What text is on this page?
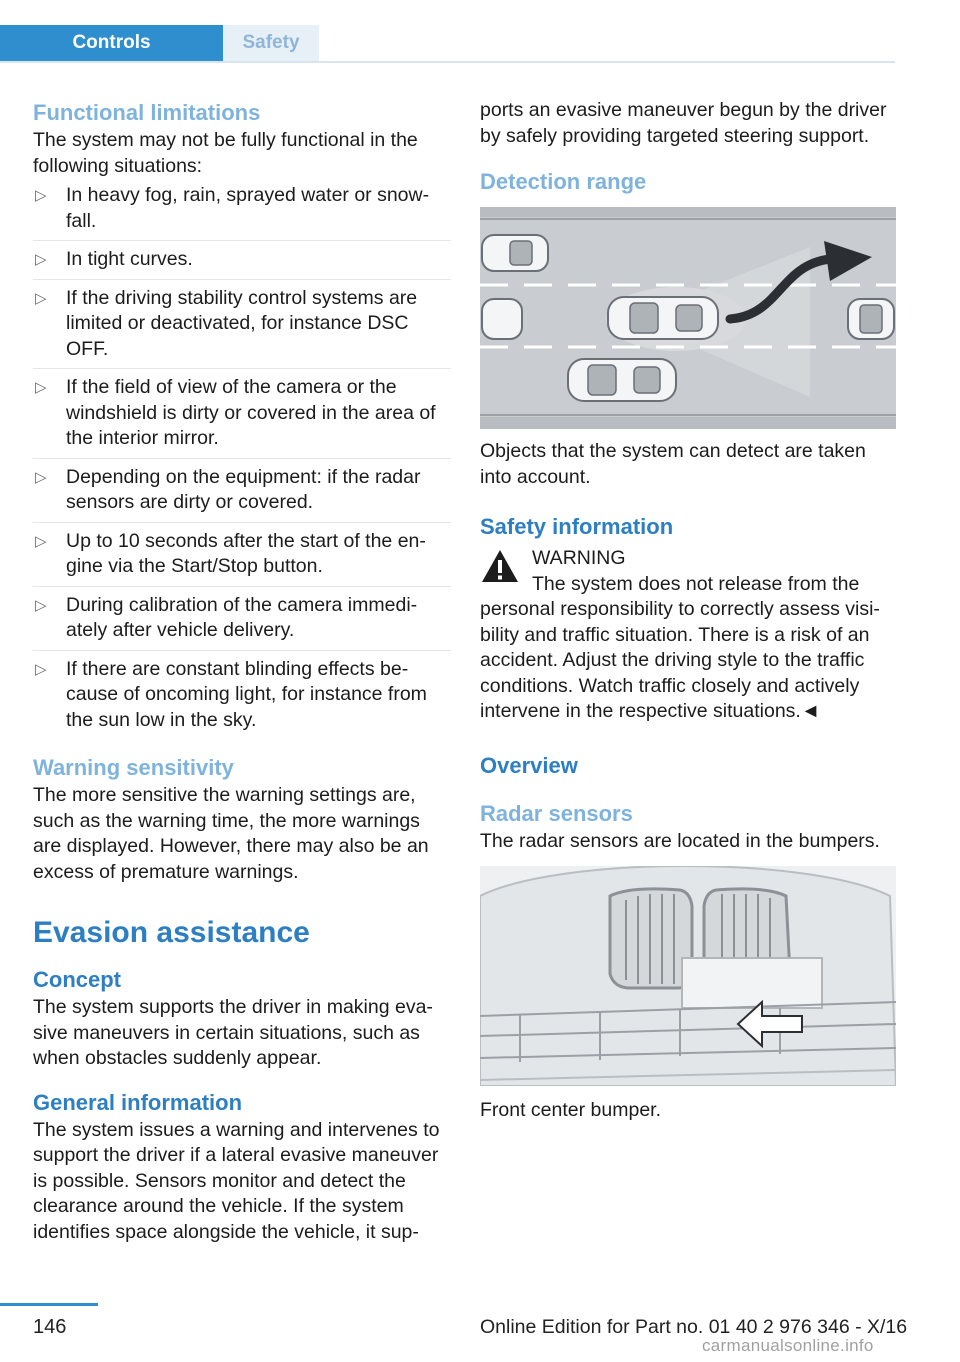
Controls	Safety
Functional limitations

The system may not be fully functional in the following situations:

▷ In heavy fog, rain, sprayed water or snow‐fall.
▷ In tight curves.
▷ If the driving stability control systems are limited or deactivated, for instance DSC OFF.
▷ If the field of view of the camera or the windshield is dirty or covered in the area of the interior mirror.
▷ Depending on the equipment: if the radar sensors are dirty or covered.
▷ Up to 10 seconds after the start of the en‐gine via the Start/Stop button.
▷ During calibration of the camera immedi‐ately after vehicle delivery.
▷ If there are constant blinding effects be‐cause of oncoming light, for instance from the sun low in the sky.
Warning sensitivity

The more sensitive the warning settings are, such as the warning time, the more warnings are displayed. However, there may also be an excess of premature warnings.

Evasion assistance
Concept

The system supports the driver in making eva‐sive maneuvers in certain situations, such as when obstacles suddenly appear.

General information

The system issues a warning and intervenes to support the driver if a lateral evasive maneuver is possible. Sensors monitor and detect the clearance around the vehicle. If the system identifies space alongside the vehicle, it sup‐

ports an evasive maneuver begun by the driver by safely providing targeted steering support.

Detection range

Objects that the system can detect are taken into account.

Safety information

WARNING

The system does not release from the personal responsibility to correctly assess visi‐bility and traffic situation. There is a risk of an accident. Adjust the driving style to the traffic conditions. Watch traffic closely and actively intervene in the respective situations.◄

Overview
Radar sensors

The radar sensors are located in the bumpers.

Front center bumper.

146	Online Edition for Part no. 01 40 2 976 346 - X/16
carmanualsonline.info
